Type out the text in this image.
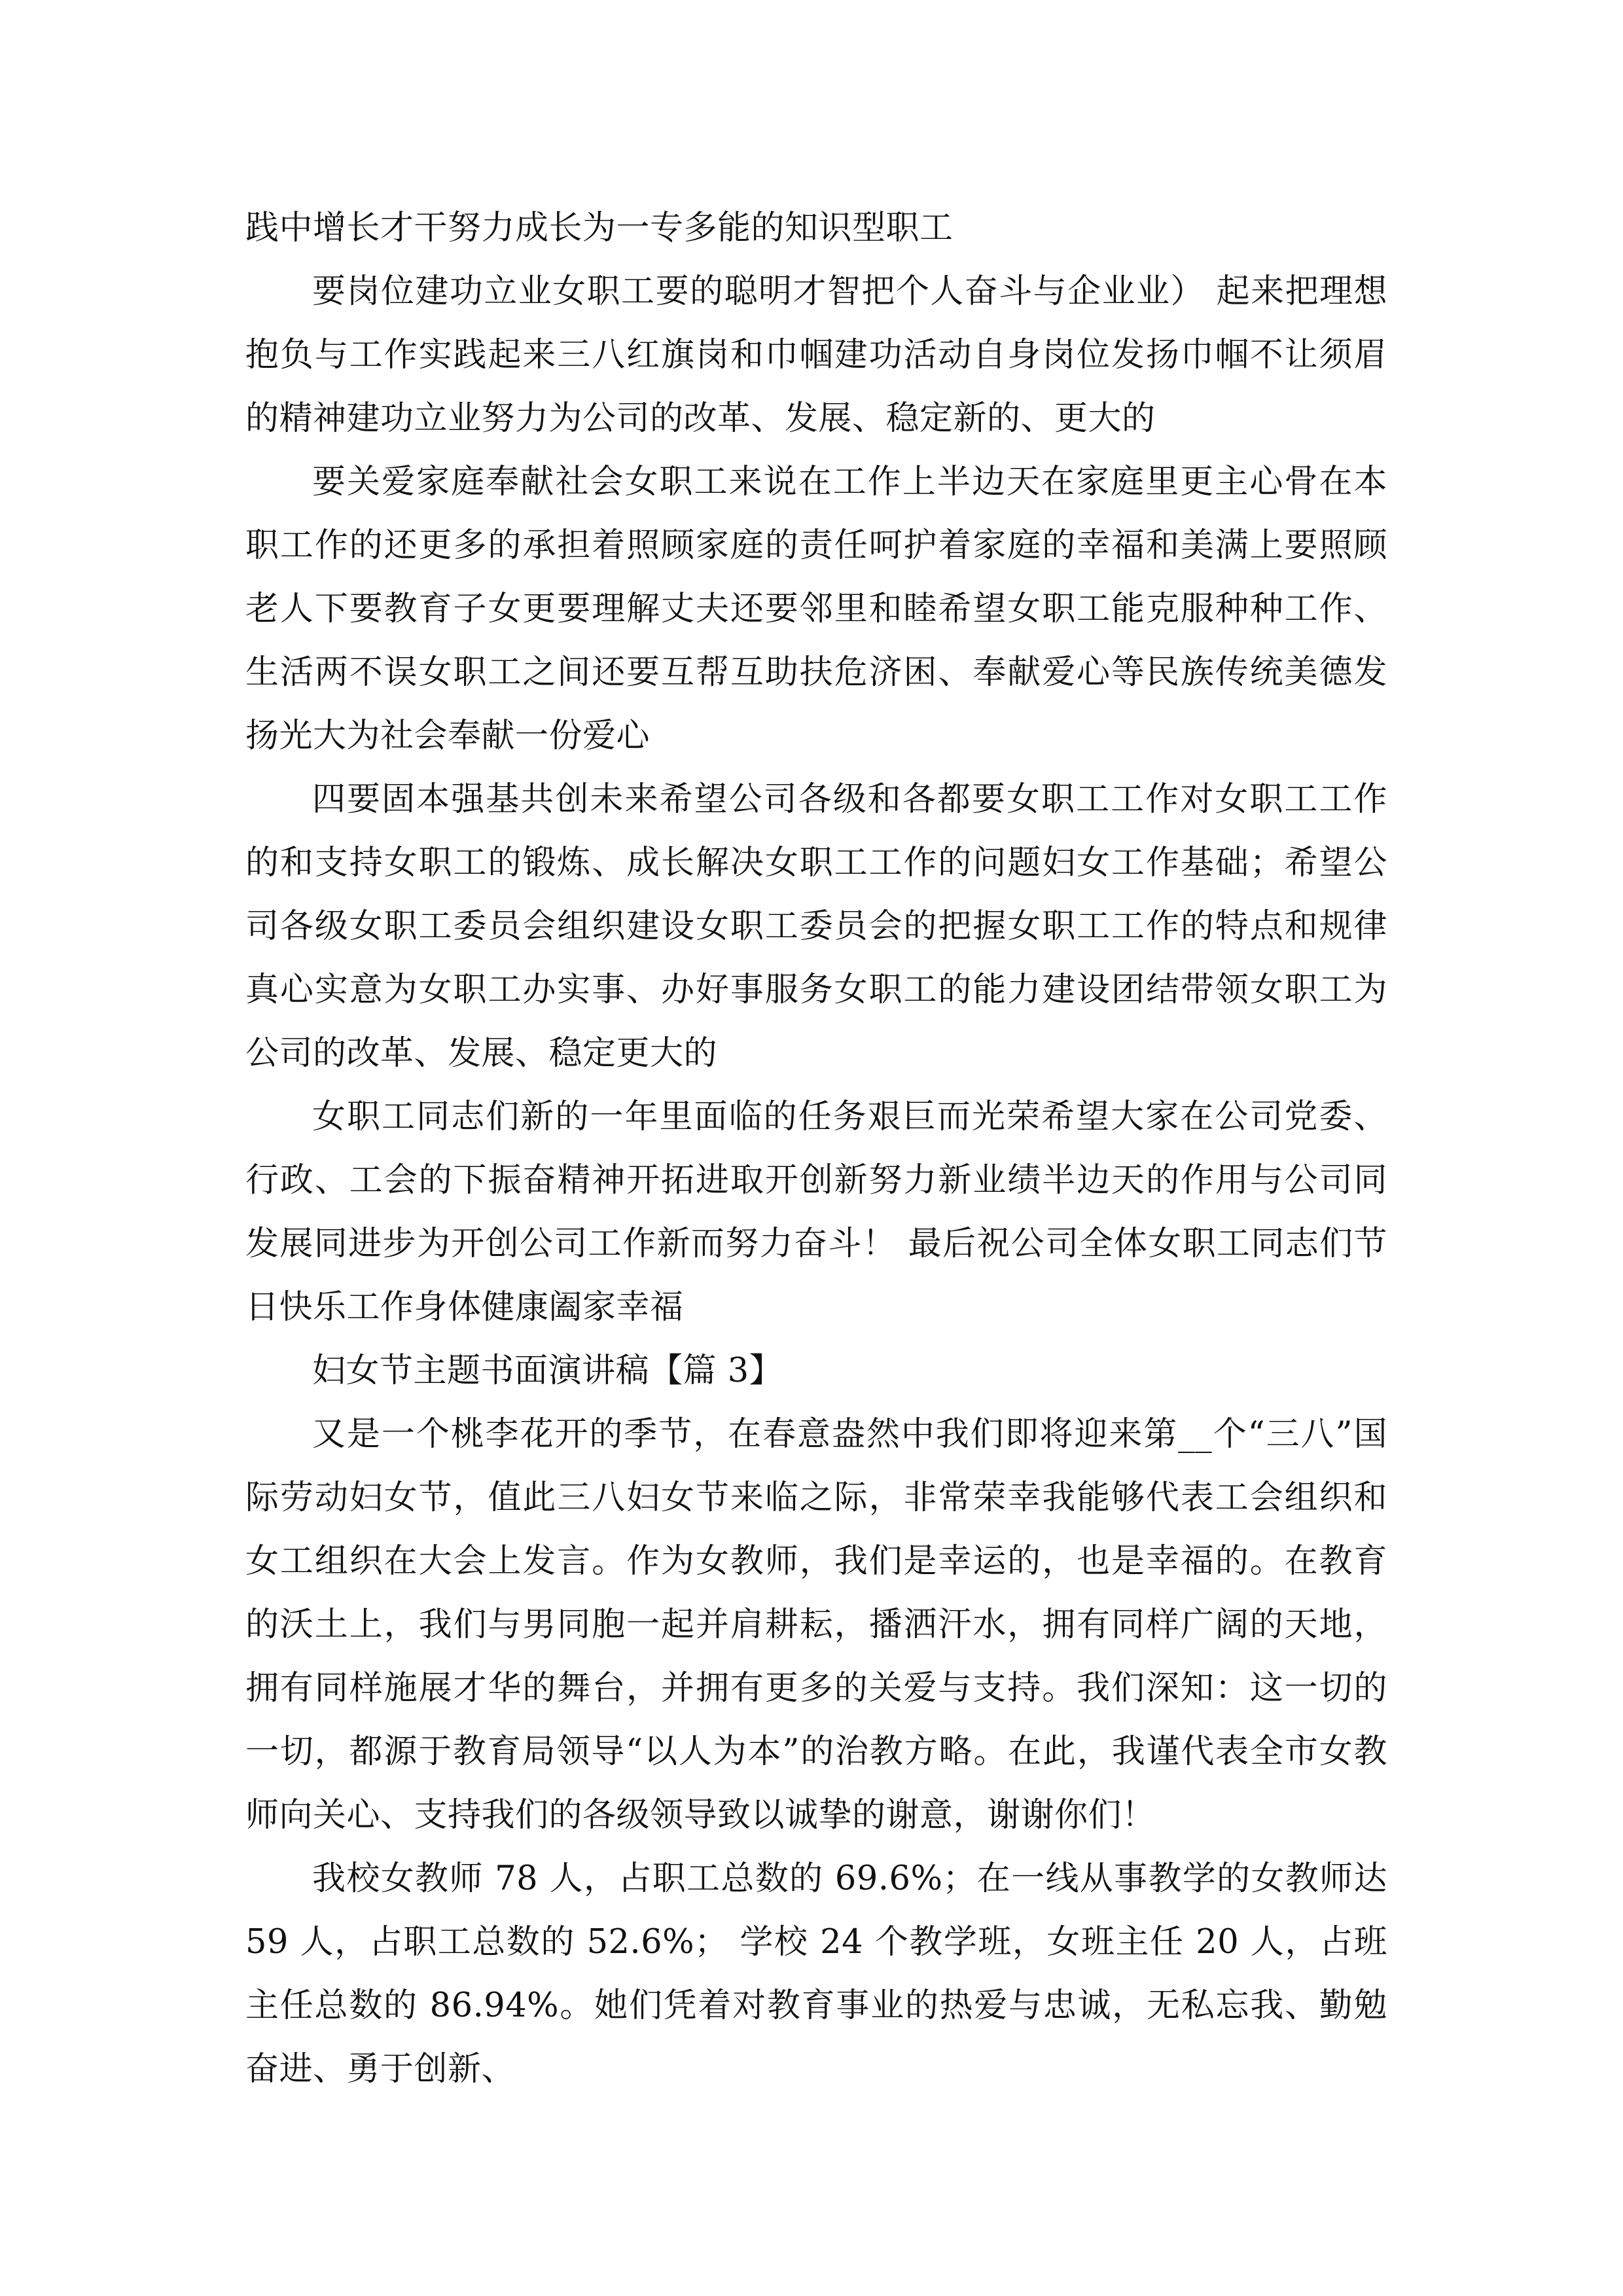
践中增长才干努力成长为一专多能的知识型职工

要岗位建功立业女职工要的聪明才智把个人奋斗与企业业） 起来把理想抱负与工作实践起来三八红旗岗和巾帼建功活动自身岗位发扬巾帼不让须眉的精神建功立业努力为公司的改革、发展、稳定新的、更大的

要关爱家庭奉献社会女职工来说在工作上半边天在家庭里更主心骨在本职工作的还更多的承担着照顾家庭的责任呵护着家庭的幸福和美满上要照顾老人下要教育子女更要理解丈夫还要邻里和睦希望女职工能克服种种工作、生活两不误女职工之间还要互帮互助扶危济困、奉献爱心等民族传统美德发扬光大为社会奉献一份爱心

四要固本强基共创未来希望公司各级和各都要女职工工作对女职工工作的和支持女职工的锻炼、成长解决女职工工作的问题妇女工作基础；希望公司各级女职工委员会组织建设女职工委员会的把握女职工工作的特点和规律真心实意为女职工办实事、办好事服务女职工的能力建设团结带领女职工为公司的改革、发展、稳定更大的

女职工同志们新的一年里面临的任务艰巨而光荣希望大家在公司党委、行政、工会的下振奋精神开拓进取开创新努力新业绩半边天的作用与公司同发展同进步为开创公司工作新而努力奋斗！ 最后祝公司全体女职工同志们节日快乐工作身体健康阖家幸福

妇女节主题书面演讲稿【篇 3】

又是一个桃李花开的季节，在春意盎然中我们即将迎来第__个“三八”国际劳动妇女节，值此三八妇女节来临之际，非常荣幸我能够代表工会组织和女工组织在大会上发言。作为女教师，我们是幸运的，也是幸福的。在教育的沃土上，我们与男同胞一起并肩耕耘，播洒汗水，拥有同样广阔的天地，拥有同样施展才华的舞台，并拥有更多的关爱与支持。我们深知：这一切的一切，都源于教育局领导“以人为本”的治教方略。在此，我谨代表全市女教师向关心、支持我们的各级领导致以诚挚的谢意，谢谢你们！

我校女教师 78 人，占职工总数的 69.6%；在一线从事教学的女教师达 59 人，占职工总数的 52.6%； 学校 24 个教学班，女班主任 20 人，占班主任总数的 86.94%。她们凭着对教育事业的热爱与忠诚，无私忘我、勤勉奋进、勇于创新、
